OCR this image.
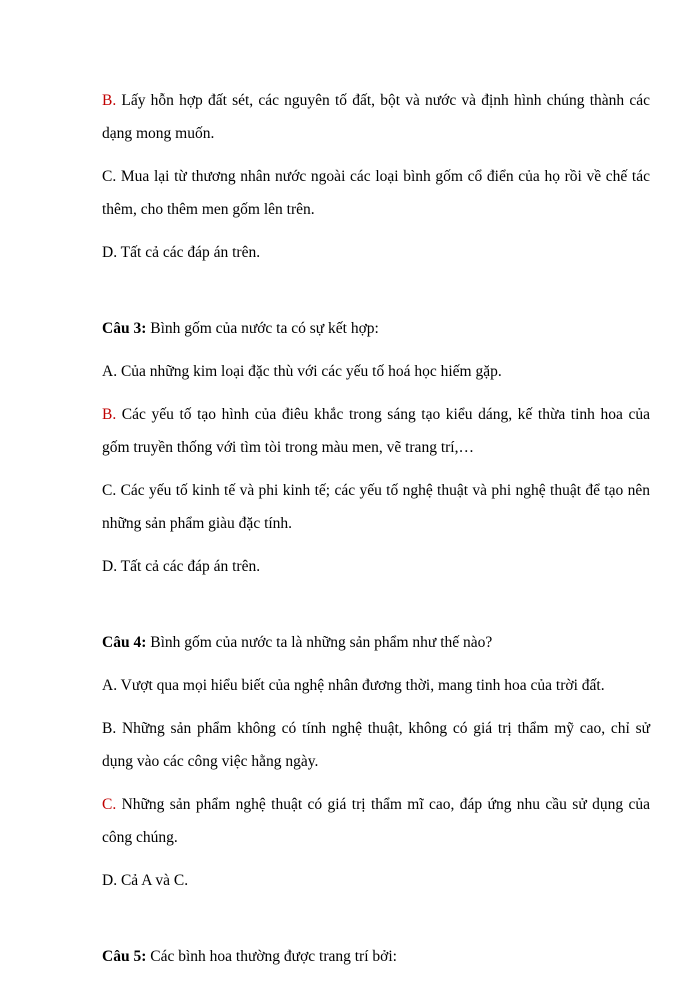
B. Lấy hỗn hợp đất sét, các nguyên tố đất, bột và nước và định hình chúng thành các dạng mong muốn.

C. Mua lại từ thương nhân nước ngoài các loại bình gốm cổ điển của họ rồi về chế tác thêm, cho thêm men gốm lên trên.

D. Tất cả các đáp án trên.

Câu 3: Bình gốm của nước ta có sự kết hợp:

A. Của những kim loại đặc thù với các yếu tố hoá học hiếm gặp.

B. Các yếu tố tạo hình của điêu khắc trong sáng tạo kiểu dáng, kế thừa tinh hoa của gốm truyền thống với tìm tòi trong màu men, vẽ trang trí,…

C. Các yếu tố kinh tế và phi kinh tế; các yếu tố nghệ thuật và phi nghệ thuật để tạo nên những sản phẩm giàu đặc tính.

D. Tất cả các đáp án trên.

Câu 4: Bình gốm của nước ta là những sản phẩm như thế nào?

A. Vượt qua mọi hiểu biết của nghệ nhân đương thời, mang tinh hoa của trời đất.

B. Những sản phẩm không có tính nghệ thuật, không có giá trị thẩm mỹ cao, chỉ sử dụng vào các công việc hằng ngày.

C. Những sản phẩm nghệ thuật có giá trị thẩm mĩ cao, đáp ứng nhu cầu sử dụng của công chúng.

D. Cả A và C.

Câu 5: Các bình hoa thường được trang trí bởi:
